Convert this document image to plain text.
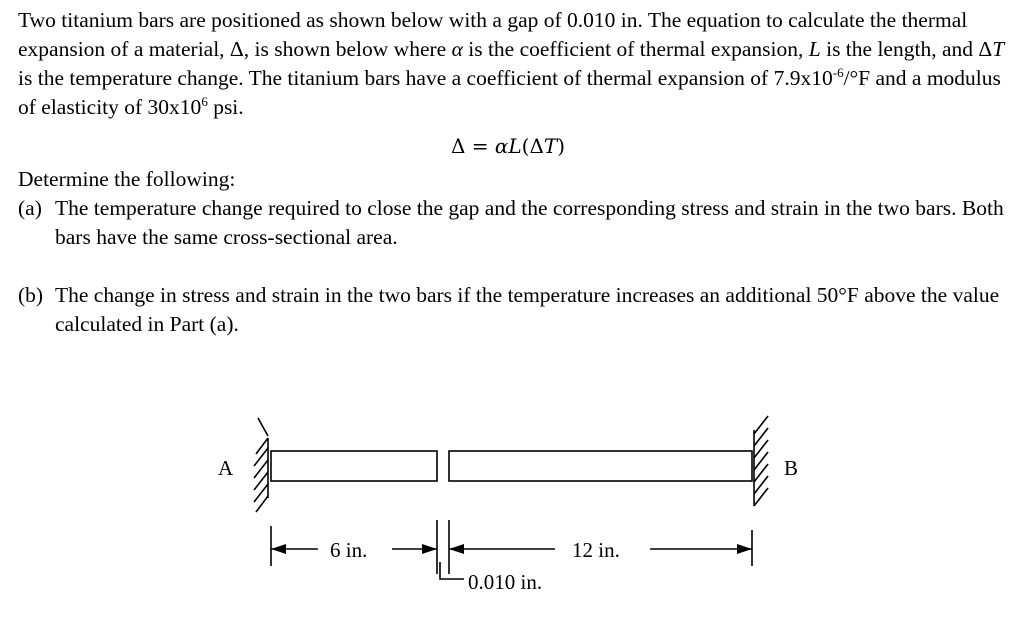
Two titanium bars are positioned as shown below with a gap of 0.010 in. The equation to calculate the thermal expansion of a material, Δ, is shown below where α is the coefficient of thermal expansion, L is the length, and ΔT is the temperature change. The titanium bars have a coefficient of thermal expansion of $7.9x10^{-6}/^\circ F$ and a modulus of elasticity of $30x10^6$ psi.

Δ = αL(ΔT)

Determine the following:

(a) The temperature change required to close the gap and the corresponding stress and strain in the two bars. Both bars have the same cross-sectional area.
(b) The change in stress and strain in the two bars if the temperature increases an additional 50°F above the value calculated in Part (a).
A	B
6 in.	12 in.
0.010 in.
